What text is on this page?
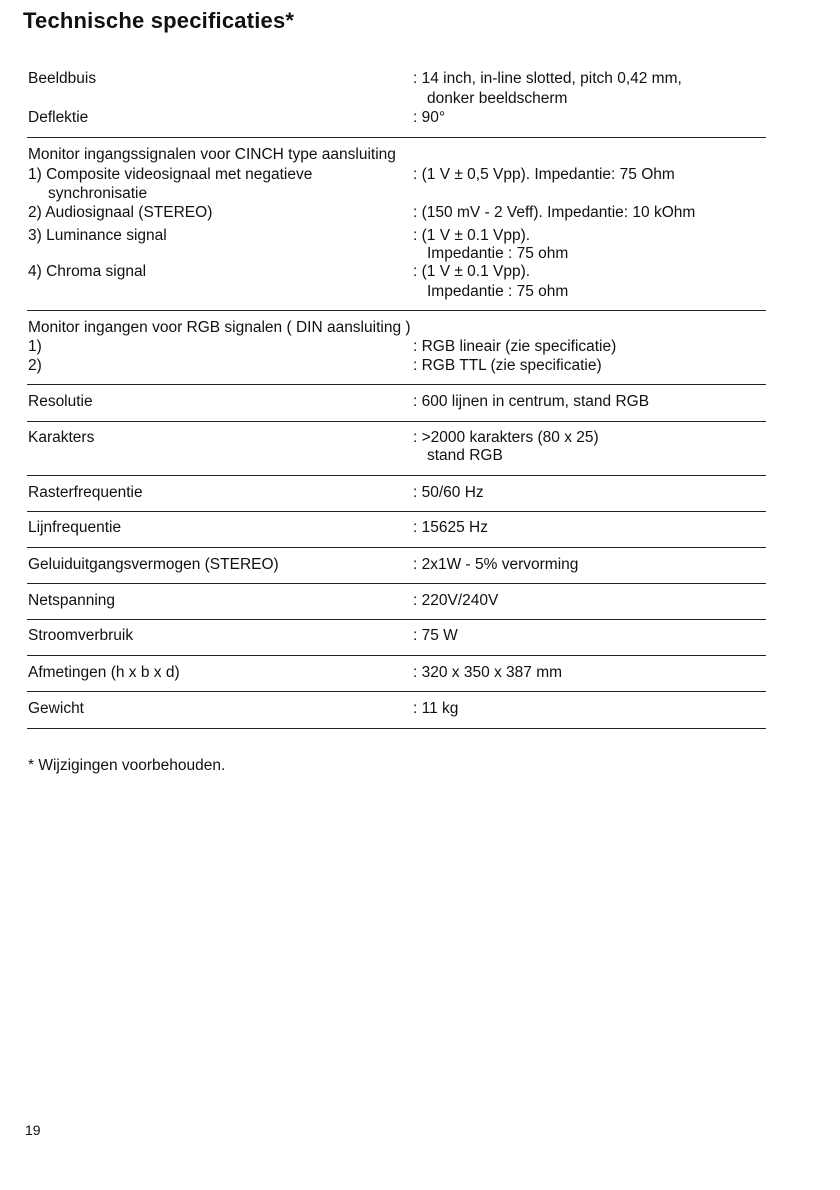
Technische specificaties*
Beeldbuis	: 14 inch, in-line slotted, pitch 0,42 mm,
donker beeldscherm
Deflektie	: 90°
Monitor ingangssignalen voor CINCH type aansluiting
1) Composite videosignaal met negatieve	: (1 V ± 0,5 Vpp). Impedantie: 75 Ohm
synchronisatie
2) Audiosignaal (STEREO)	: (150 mV - 2 Veff). Impedantie: 10 kOhm
3) Luminance signal	: (1 V ± 0.1 Vpp).
Impedantie : 75 ohm
4) Chroma signal	: (1 V ± 0.1 Vpp).
Impedantie : 75 ohm
Monitor ingangen voor RGB signalen ( DIN aansluiting )
1)	: RGB lineair (zie specificatie)
2)	: RGB TTL (zie specificatie)
Resolutie	: 600 lijnen in centrum, stand RGB
Karakters	: >2000 karakters (80 x 25)
stand RGB
Rasterfrequentie	: 50/60 Hz
Lijnfrequentie	: 15625 Hz
Geluiduitgangsvermogen (STEREO)	: 2x1W - 5% vervorming
Netspanning	: 220V/240V
Stroomverbruik	: 75 W
Afmetingen (h x b x d)	: 320 x 350 x 387 mm
Gewicht	: 11 kg
* Wijzigingen voorbehouden.
19
